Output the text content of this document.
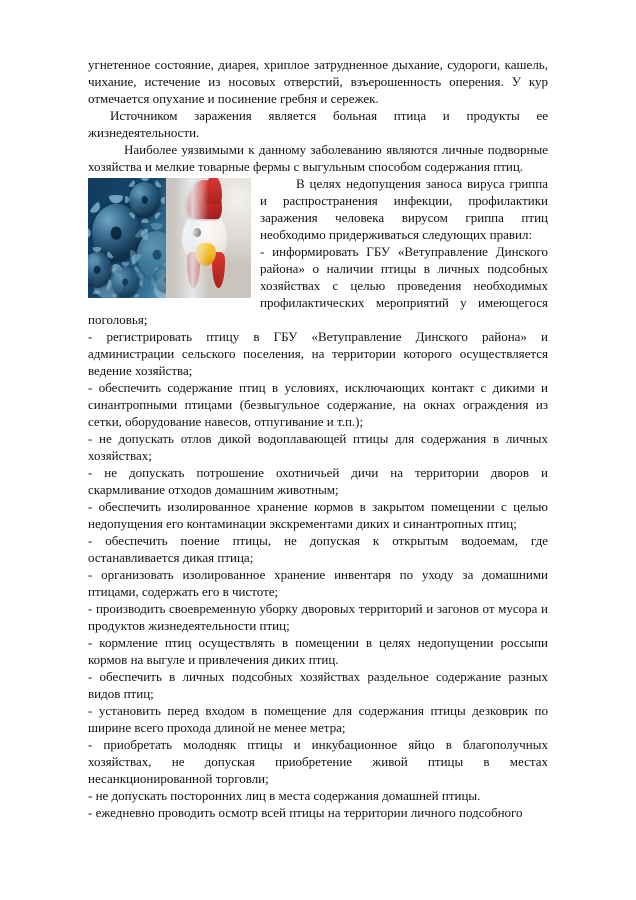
угнетенное состояние, диарея, хриплое затрудненное дыхание, судороги, кашель, чихание, истечение из носовых отверстий, взъерошенность оперения. У кур отмечается опухание и посинение гребня и сережек.

Источником заражения является больная птица и продукты ее жизнедеятельности.

Наиболее уязвимыми к данному заболеванию являются личные подворные хозяйства и мелкие товарные фермы с выгульным способом содержания птиц.

В целях недопущения заноса вируса гриппа и распространения инфекции, профилактики заражения человека вирусом гриппа птиц необходимо придерживаться следующих правил:

- информировать ГБУ «Ветуправление Динского района» о наличии птицы в личных подсобных хозяйствах с целью проведения необходимых профилактических мероприятий у имеющегося поголовья;

- регистрировать птицу в ГБУ «Ветуправление Динского района» и администрации сельского поселения, на территории которого осуществляется ведение хозяйства;

- обеспечить содержание птиц в условиях, исключающих контакт с дикими и синантропными птицами (безвыгульное содержание, на окнах ограждения из сетки, оборудование навесов, отпугивание и т.п.);

- не допускать отлов дикой водоплавающей птицы для содержания в личных хозяйствах;

- не допускать потрошение охотничьей дичи на территории дворов и скармливание отходов домашним животным;

- обеспечить изолированное хранение кормов в закрытом помещении с целью недопущения его контаминации экскрементами диких и синантропных птиц;

- обеспечить поение птицы, не допуская к открытым водоемам, где останавливается дикая птица;

- организовать изолированное хранение инвентаря по уходу за домашними птицами, содержать его в чистоте;

- производить своевременную уборку дворовых территорий и загонов от мусора и продуктов жизнедеятельности птиц;

- кормление птиц осуществлять в помещении в целях недопущении россыпи кормов на выгуле и привлечения диких птиц.

- обеспечить в личных подсобных хозяйствах раздельное содержание разных видов птиц;

- установить перед входом в помещение для содержания птицы дезковрик по ширине всего прохода длиной не менее метра;

- приобретать молодняк птицы и инкубационное яйцо в благополучных хозяйствах, не допуская приобретение живой птицы в местах несанкционированной торговли;

- не допускать посторонних лиц в места содержания домашней птицы.

- ежедневно проводить осмотр всей птицы на территории личного подсобного
